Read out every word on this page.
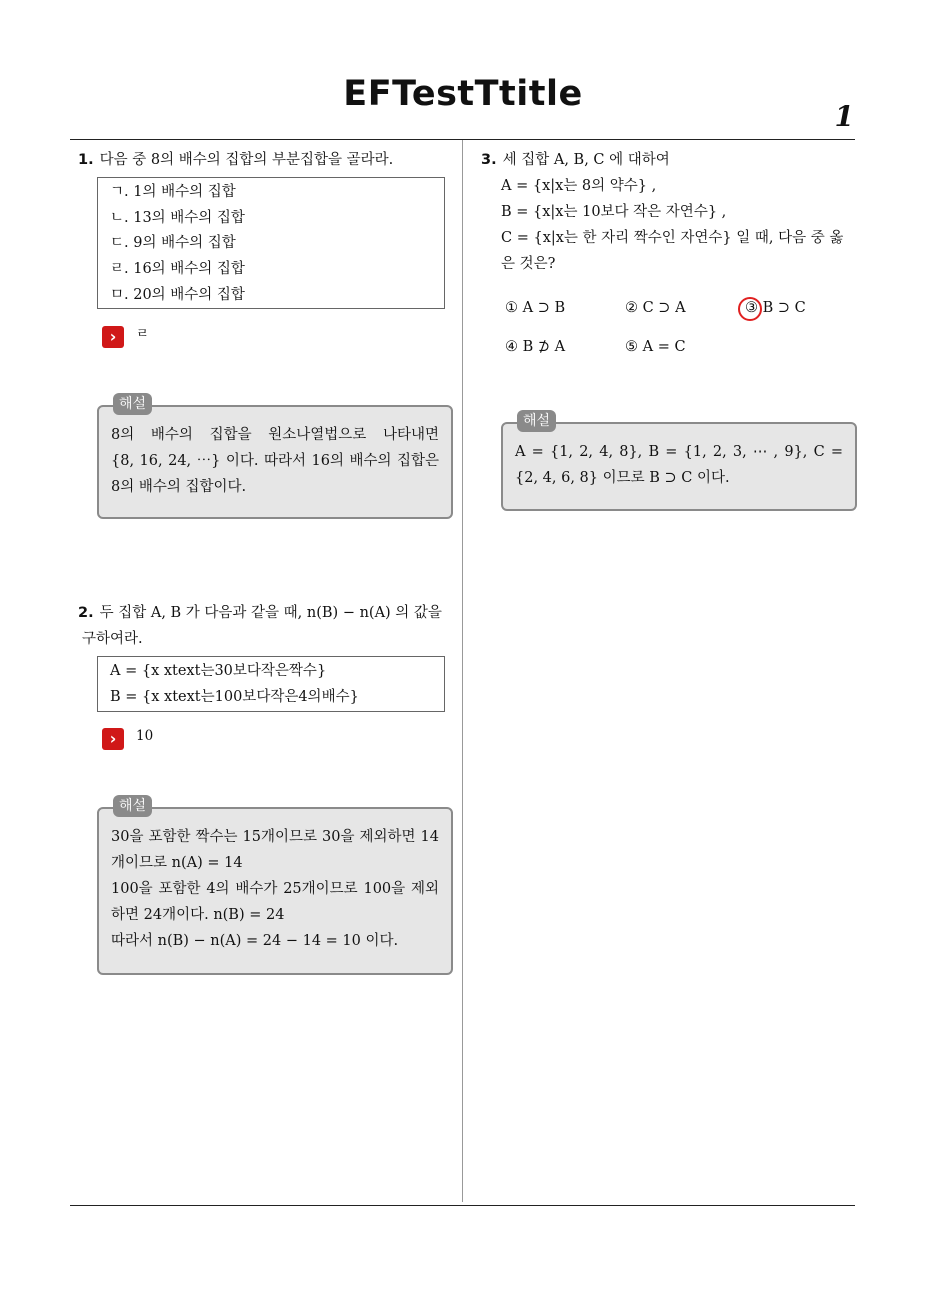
EFTestTtitle
1
1. 다음 중 8의 배수의 집합의 부분집합을 골라라.
ㄱ. 1의 배수의 집합
ㄴ. 13의 배수의 집합
ㄷ. 9의 배수의 집합
ㄹ. 16의 배수의 집합
ㅁ. 20의 배수의 집합
›	ㄹ
8의 배수의 집합을 원소나열법으로 나타내면
{8, 16, 24, ⋯} 이다. 따라서 16의 배수의 집합은
8의 배수의 집합이다.
해설
2. 두 집합 A, B 가 다음과 같을 때, n(B) − n(A) 의 값을
구하여라.
A = {x xtext는30보다작은짝수}
B = {x xtext는100보다작은4의배수}
›	10
30을 포함한 짝수는 15개이므로 30을 제외하면 14
개이므로 n(A) = 14
100을 포함한 4의 배수가 25개이므로 100을 제외
하면 24개이다. n(B) = 24
따라서 n(B) − n(A) = 24 − 14 = 10 이다.
해설
3. 세 집합 A, B, C 에 대하여
A = {x|x는 8의 약수} ,
B = {x|x는 10보다 작은 자연수} ,
C = {x|x는 한 자리 짝수인 자연수} 일 때, 다음 중 옳
은 것은?
① A ⊃ B	② C ⊃ A	③ B ⊃ C
④ B ⊅ A	⑤ A = C
A = {1, 2, 4, 8}, B = {1, 2, 3, ⋯ , 9}, C =
{2, 4, 6, 8} 이므로 B ⊃ C 이다.
해설
